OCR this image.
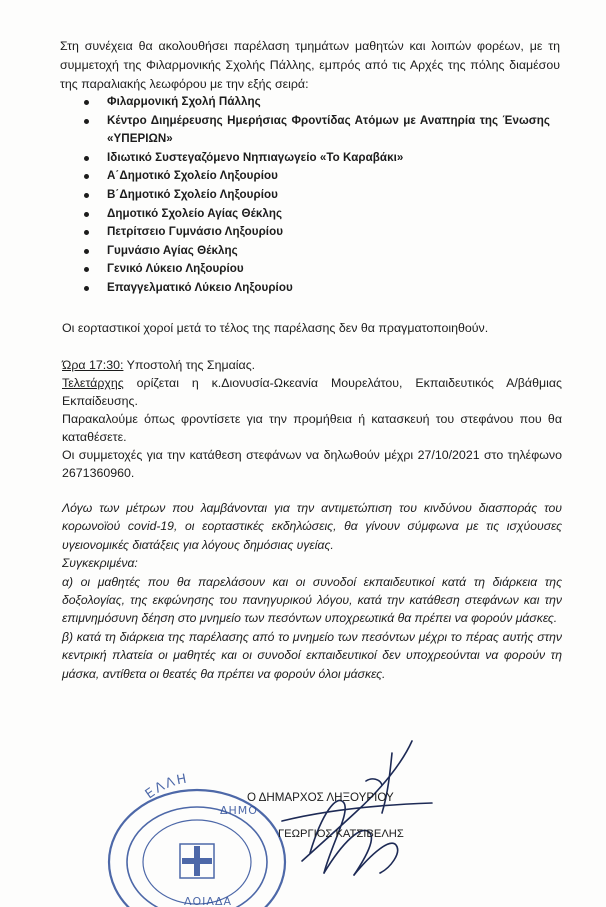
Στη συνέχεια θα ακολουθήσει παρέλαση τμημάτων μαθητών και λοιπών φορέων, με τη συμμετοχή της Φιλαρμονικής Σχολής Πάλλης, εμπρός από τις Αρχές της πόλης διαμέσου της παραλιακής λεωφόρου με την εξής σειρά:

Φιλαρμονική Σχολή Πάλλης
Κέντρο Διημέρευσης Ημερήσιας Φροντίδας Ατόμων με Αναπηρία της Ένωσης «ΥΠΕΡΙΩΝ»
Ιδιωτικό Συστεγαζόμενο Νηπιαγωγείο «Το Καραβάκι»
Α΄Δημοτικό Σχολείο Ληξουρίου
Β΄Δημοτικό Σχολείο Ληξουρίου
Δημοτικό Σχολείο Αγίας Θέκλης
Πετρίτσειο Γυμνάσιο Ληξουρίου
Γυμνάσιο Αγίας Θέκλης
Γενικό Λύκειο Ληξουρίου
Επαγγελματικό Λύκειο Ληξουρίου

Οι εορταστικοί χοροί μετά το τέλος της παρέλασης δεν θα πραγματοποιηθούν.

Ώρα 17:30: Υποστολή της Σημαίας.

Τελετάρχης ορίζεται η κ.Διονυσία-Ωκεανία Μουρελάτου, Εκπαιδευτικός Α/βάθμιας Εκπαίδευσης.

Παρακαλούμε όπως φροντίσετε για την προμήθεια ή κατασκευή του στεφάνου που θα καταθέσετε.

Οι συμμετοχές για την κατάθεση στεφάνων να δηλωθούν μέχρι 27/10/2021 στο τηλέφωνο 2671360960.

Λόγω των μέτρων που λαμβάνονται για την αντιμετώπιση του κινδύνου διασποράς του κορωνοϊού covid-19, οι εορταστικές εκδηλώσεις, θα γίνουν σύμφωνα με τις ισχύουσες υγειονομικές διατάξεις για λόγους δημόσιας υγείας.

Συγκεκριμένα:

α) οι μαθητές που θα παρελάσουν και οι συνοδοί εκπαιδευτικοί κατά τη διάρκεια της δοξολογίας, της εκφώνησης του πανηγυρικού λόγου, κατά την κατάθεση στεφάνων και την επιμνημόσυνη δέηση στο μνημείο των πεσόντων υποχρεωτικά θα πρέπει να φορούν μάσκες.

β) κατά τη διάρκεια της παρέλασης από το μνημείο των πεσόντων μέχρι το πέρας αυτής στην κεντρική πλατεία οι μαθητές και οι συνοδοί εκπαιδευτικοί δεν υποχρεούνται να φορούν τη μάσκα, αντίθετα οι θεατές θα πρέπει να φορούν όλοι μάσκες.

ΕΛΛΗ
ΔΗΜΟ
ΛΟΙΑΔΑ

Ο ΔΗΜΑΡΧΟΣ ΛΗΞΟΥΡΙΟΥ

ΓΕΩΡΓΙΟΣ ΚΑΤΣΙΒΕΛΗΣ
